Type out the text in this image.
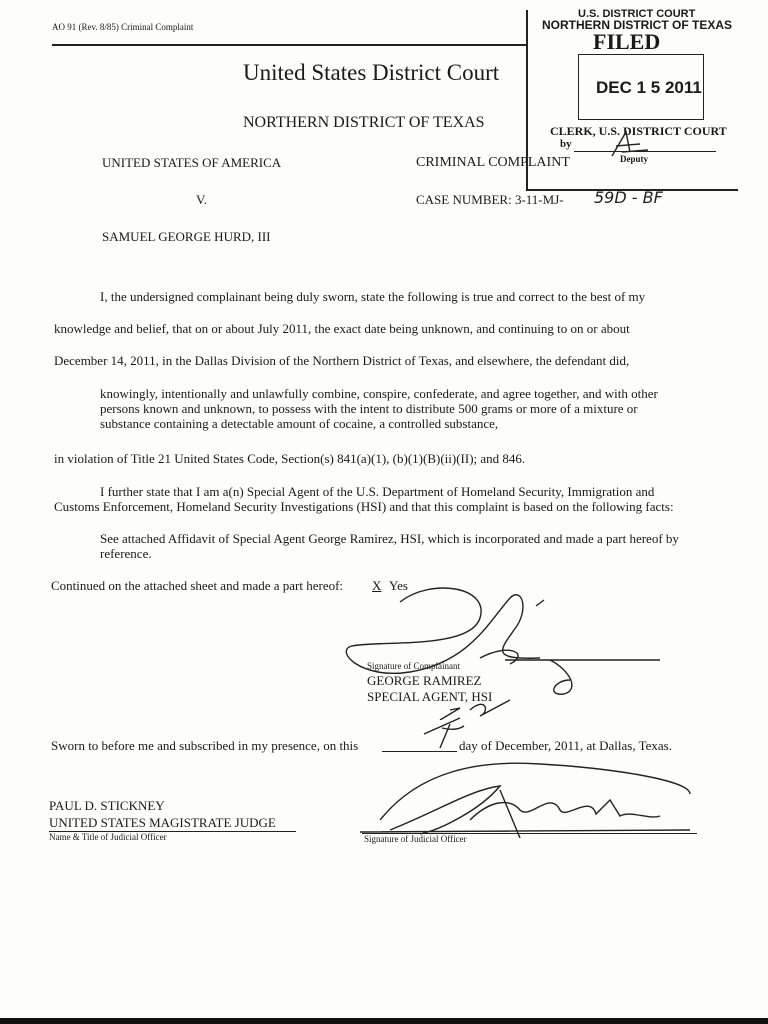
AO 91 (Rev. 8/85) Criminal Complaint
United States District Court
NORTHERN DISTRICT OF TEXAS
U.S. DISTRICT COURT
NORTHERN DISTRICT OF TEXAS
FILED
DEC 1 5 2011
CLERK, U.S. DISTRICT COURT
by
Deputy
UNITED STATES OF AMERICA	CRIMINAL COMPLAINT
V.	CASE NUMBER: 3-11-MJ- 59D - BF
SAMUEL GEORGE HURD, III
I, the undersigned complainant being duly sworn, state the following is true and correct to the best of my
knowledge and belief, that on or about July 2011, the exact date being unknown, and continuing to on or about
December 14, 2011, in the Dallas Division of the Northern District of Texas, and elsewhere, the defendant did,
knowingly, intentionally and unlawfully combine, conspire, confederate, and agree together, and with other persons known and unknown, to possess with the intent to distribute 500 grams or more of a mixture or substance containing a detectable amount of cocaine, a controlled substance,
in violation of Title 21 United States Code, Section(s) 841(a)(1), (b)(1)(B)(ii)(II); and 846.
I further state that I am a(n) Special Agent of the U.S. Department of Homeland Security, Immigration and
Customs Enforcement, Homeland Security Investigations (HSI) and that this complaint is based on the following facts:
See attached Affidavit of Special Agent George Ramirez, HSI, which is incorporated and made a part hereof by reference.
Continued on the attached sheet and made a part hereof: X Yes
Signature of Complainant
GEORGE RAMIREZ
SPECIAL AGENT, HSI
Sworn to before me and subscribed in my presence, on this	day of December, 2011, at Dallas, Texas.
PAUL D. STICKNEY
UNITED STATES MAGISTRATE JUDGE
Name & Title of Judicial Officer	Signature of Judicial Officer
